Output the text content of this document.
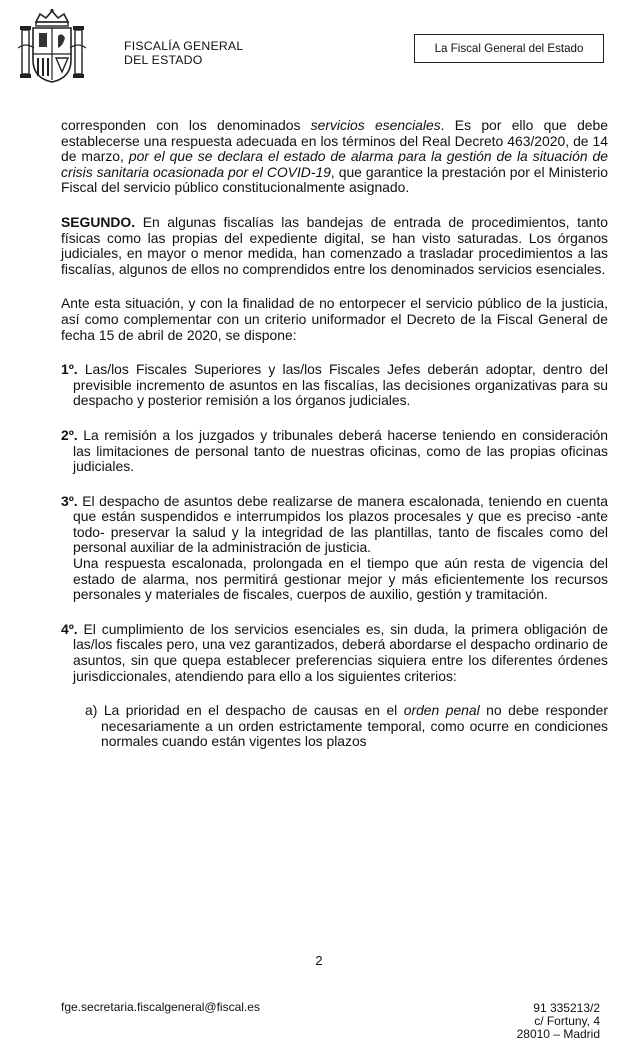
FISCALÍA GENERAL
DEL ESTADO
La Fiscal General del Estado

corresponden con los denominados servicios esenciales. Es por ello que debe establecerse una respuesta adecuada en los términos del Real Decreto 463/2020, de 14 de marzo, por el que se declara el estado de alarma para la gestión de la situación de crisis sanitaria ocasionada por el COVID-19, que garantice la prestación por el Ministerio Fiscal del servicio público constitucionalmente asignado.

SEGUNDO. En algunas fiscalías las bandejas de entrada de procedimientos, tanto físicas como las propias del expediente digital, se han visto saturadas. Los órganos judiciales, en mayor o menor medida, han comenzado a trasladar procedimientos a las fiscalías, algunos de ellos no comprendidos entre los denominados servicios esenciales.

Ante esta situación, y con la finalidad de no entorpecer el servicio público de la justicia, así como complementar con un criterio uniformador el Decreto de la Fiscal General de fecha 15 de abril de 2020, se dispone:

1º. Las/los Fiscales Superiores y las/los Fiscales Jefes deberán adoptar, dentro del previsible incremento de asuntos en las fiscalías, las decisiones organizativas para su despacho y posterior remisión a los órganos judiciales.

2º. La remisión a los juzgados y tribunales deberá hacerse teniendo en consideración las limitaciones de personal tanto de nuestras oficinas, como de las propias oficinas judiciales.

3º. El despacho de asuntos debe realizarse de manera escalonada, teniendo en cuenta que están suspendidos e interrumpidos los plazos procesales y que es preciso -ante todo- preservar la salud y la integridad de las plantillas, tanto de fiscales como del personal auxiliar de la administración de justicia.
Una respuesta escalonada, prolongada en el tiempo que aún resta de vigencia del estado de alarma, nos permitirá gestionar mejor y más eficientemente los recursos personales y materiales de fiscales, cuerpos de auxilio, gestión y tramitación.

4º. El cumplimiento de los servicios esenciales es, sin duda, la primera obligación de las/los fiscales pero, una vez garantizados, deberá abordarse el despacho ordinario de asuntos, sin que quepa establecer preferencias siquiera entre los diferentes órdenes jurisdiccionales, atendiendo para ello a los siguientes criterios:

a) La prioridad en el despacho de causas en el orden penal no debe responder necesariamente a un orden estrictamente temporal, como ocurre en condiciones normales cuando están vigentes los plazos

2
fge.secretaria.fiscalgeneral@fiscal.es	91 335213/2
c/ Fortuny, 4
28010 – Madrid
